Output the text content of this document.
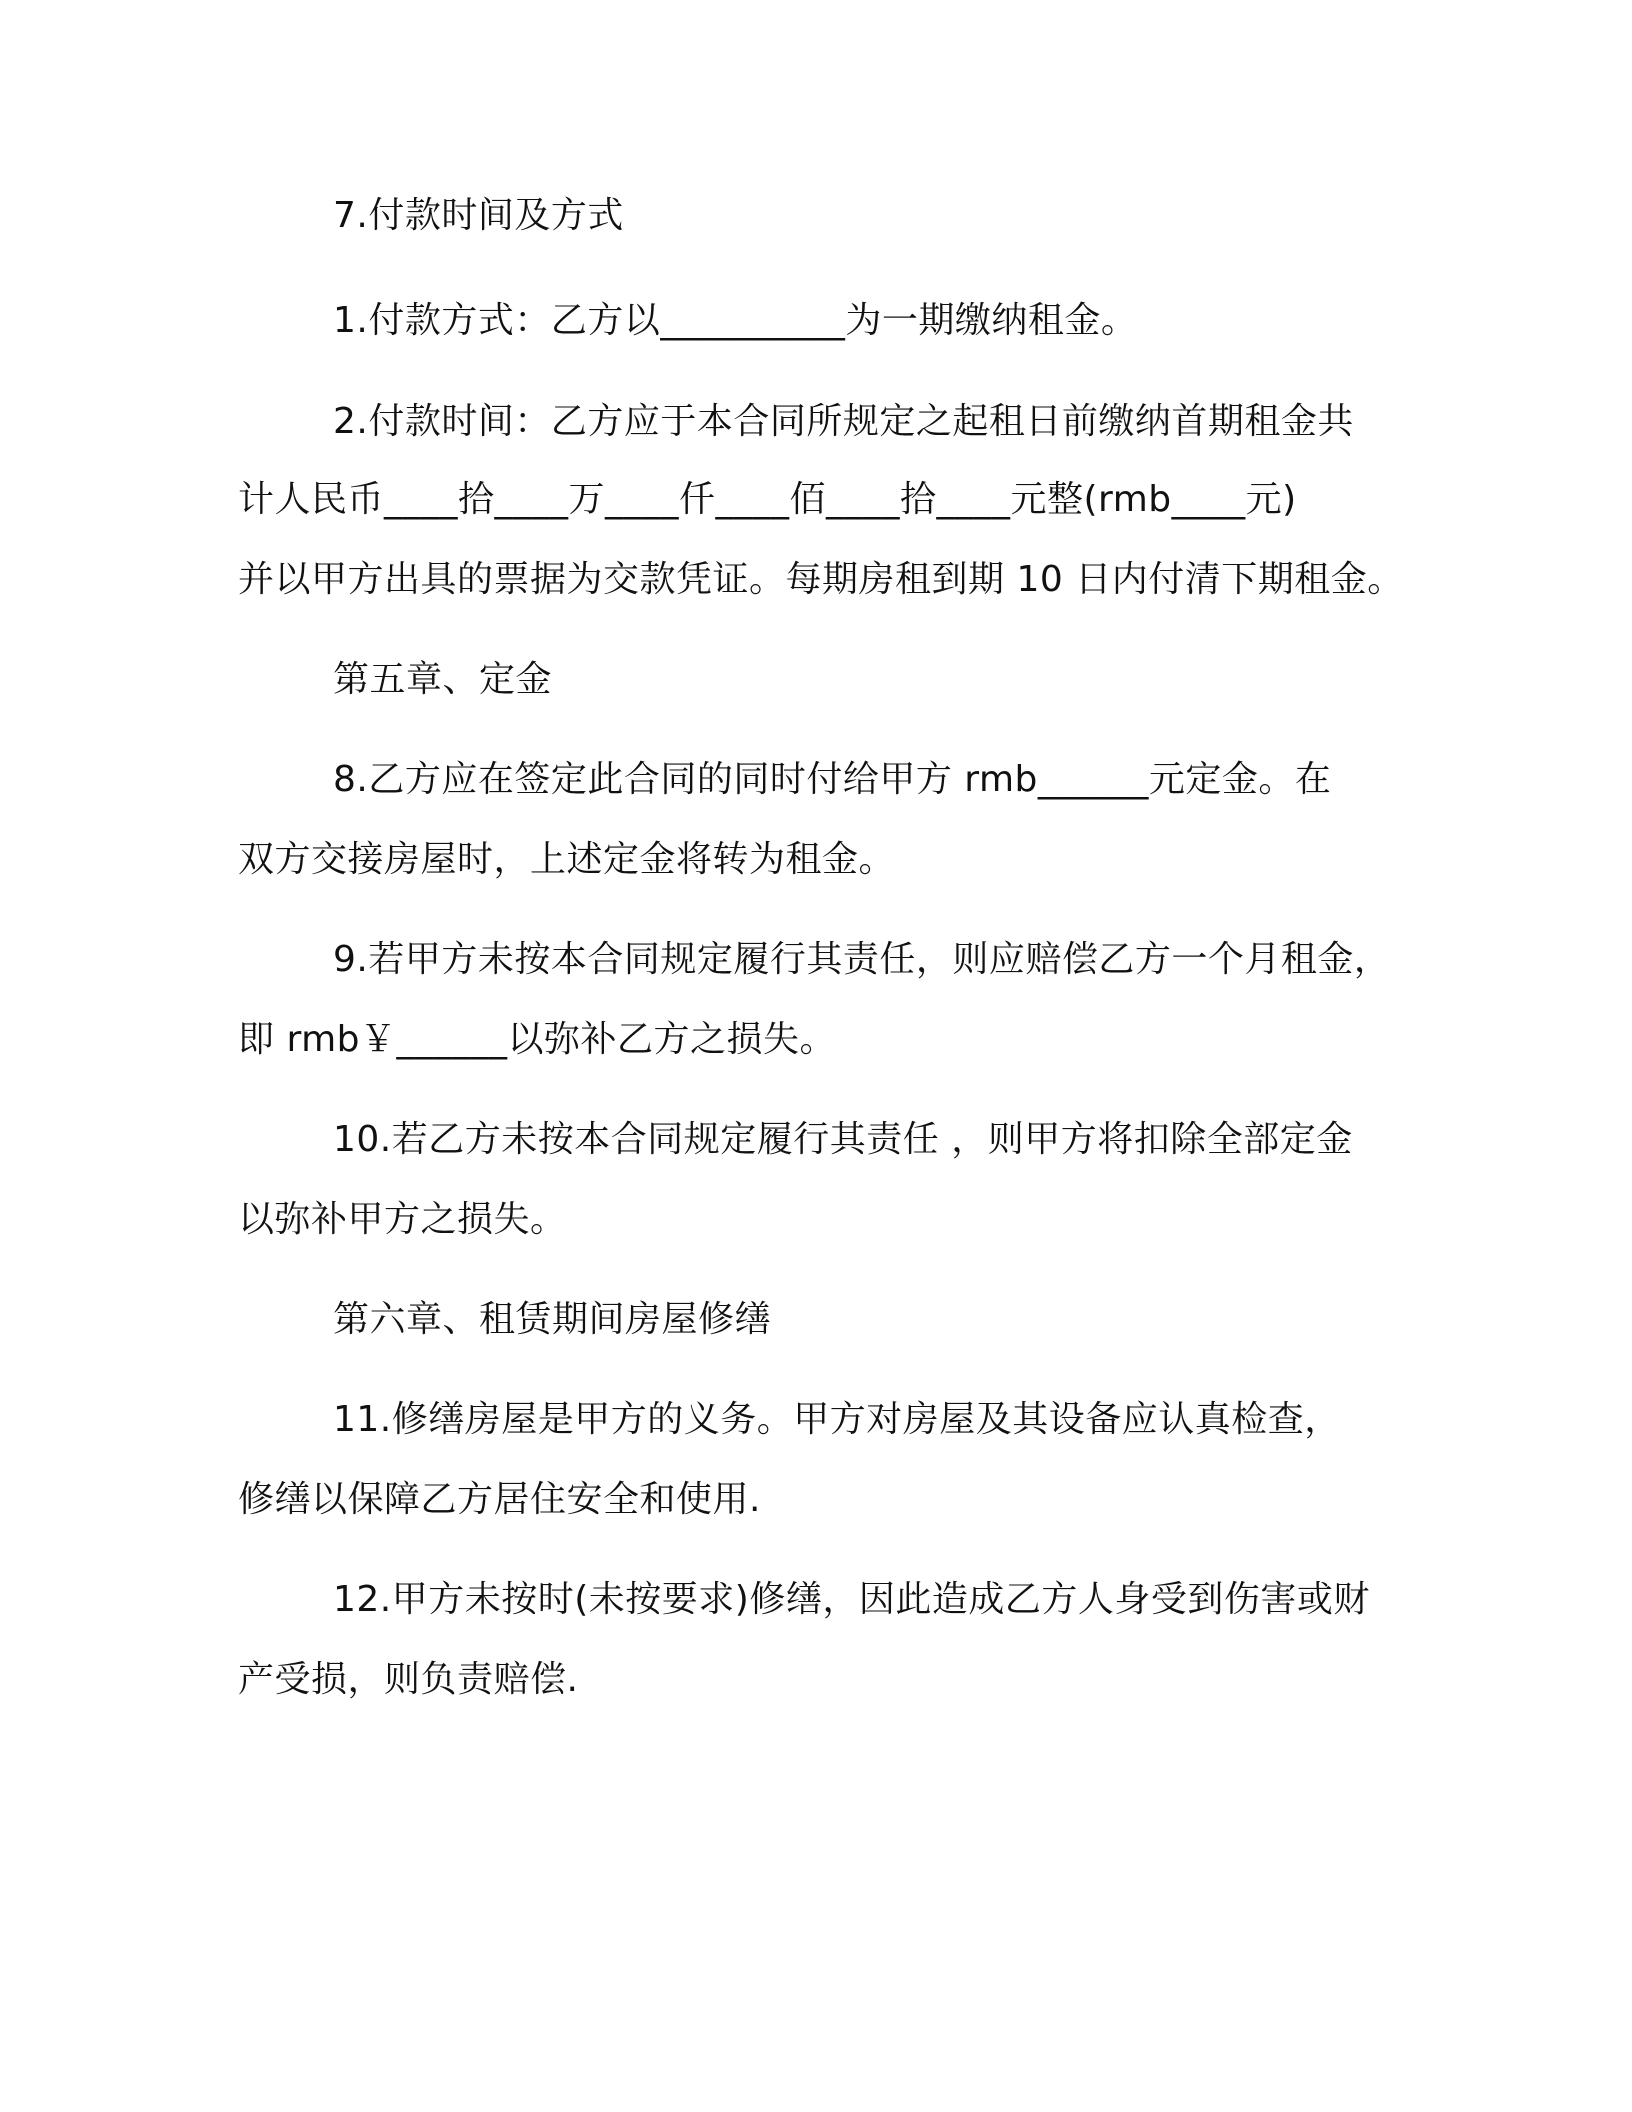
7.付款时间及方式
1.付款方式：乙方以__________为一期缴纳租金。
2.付款时间：乙方应于本合同所规定之起租日前缴纳首期租金共
计人民币____拾____万____仟____佰____拾____元整(rmb____元)
并以甲方出具的票据为交款凭证。每期房租到期 10 日内付清下期租金。
第五章、定金
8.乙方应在签定此合同的同时付给甲方 rmb______元定金。在
双方交接房屋时，上述定金将转为租金。
9.若甲方未按本合同规定履行其责任，则应赔偿乙方一个月租金，
即 rmb￥______以弥补乙方之损失。
10.若乙方未按本合同规定履行其责任 ，则甲方将扣除全部定金
以弥补甲方之损失。
第六章、租赁期间房屋修缮
11.修缮房屋是甲方的义务。甲方对房屋及其设备应认真检查，
修缮以保障乙方居住安全和使用.
12.甲方未按时(未按要求)修缮，因此造成乙方人身受到伤害或财
产受损，则负责赔偿.
